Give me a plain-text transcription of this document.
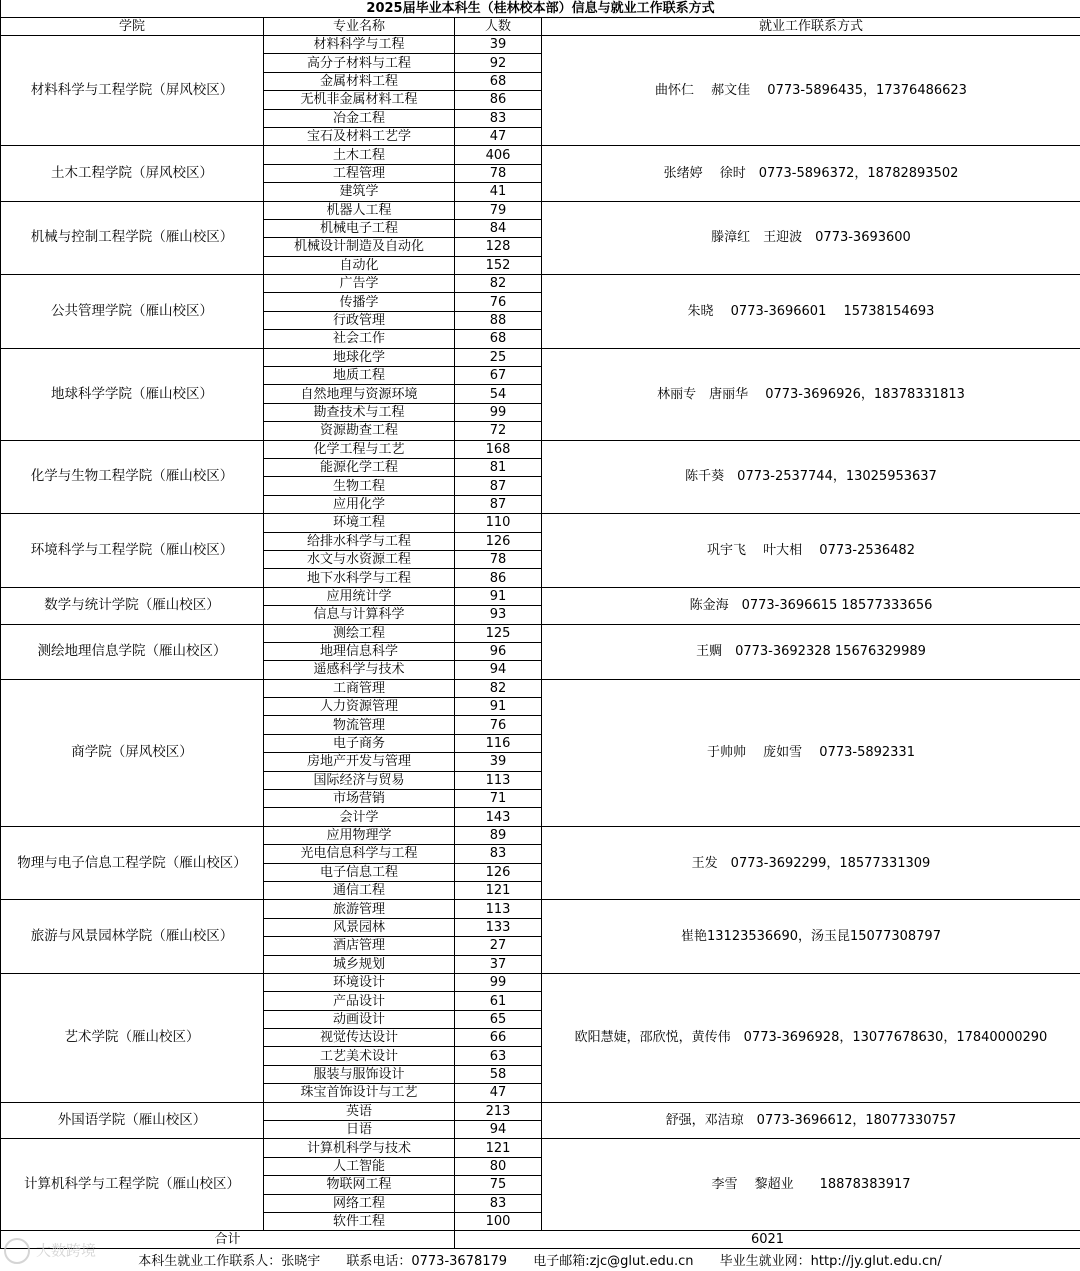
2025届毕业本科生（桂林校本部）信息与就业工作联系方式			
学院	专业名称	人数	就业工作联系方式
材料科学与工程学院（屏风校区）	材料科学与工程	39	曲怀仁　 郝文佳　 0773-5896435，17376486623
	高分子材料与工程	92	
	金属材料工程	68	
	无机非金属材料工程	86	
	冶金工程	83	
	宝石及材料工艺学	47	
土木工程学院（屏风校区）	土木工程	406	张绪婷　 徐时　0773-5896372，18782893502
	工程管理	78	
	建筑学	41	
机械与控制工程学院（雁山校区）	机器人工程	79	滕漳红　王迎波　0773-3693600
	机械电子工程	84	
	机械设计制造及自动化	128	
	自动化	152	
公共管理学院（雁山校区）	广告学	82	朱晓　 0773-3696601　 15738154693
	传播学	76	
	行政管理	88	
	社会工作	68	
地球科学学院（雁山校区）	地球化学	25	林丽专　唐丽华　 0773-3696926，18378331813
	地质工程	67	
	自然地理与资源环境	54	
	勘查技术与工程	99	
	资源勘查工程	72	
化学与生物工程学院（雁山校区）	化学工程与工艺	168	陈千葵　0773-2537744，13025953637
	能源化学工程	81	
	生物工程	87	
	应用化学	87	
环境科学与工程学院（雁山校区）	环境工程	110	巩宇飞　 叶大相　 0773-2536482
	给排水科学与工程	126	
	水文与水资源工程	78	
	地下水科学与工程	86	
数学与统计学院（雁山校区）	应用统计学	91	陈金海　0773-3696615 18577333656
	信息与计算科学	93	
测绘地理信息学院（雁山校区）	测绘工程	125	王赒　0773-3692328 15676329989
	地理信息科学	96	
	遥感科学与技术	94	
商学院（屏风校区）	工商管理	82	于帅帅　 庞如雪　 0773-5892331
	人力资源管理	91	
	物流管理	76	
	电子商务	116	
	房地产开发与管理	39	
	国际经济与贸易	113	
	市场营销	71	
	会计学	143	
物理与电子信息工程学院（雁山校区）	应用物理学	89	王发　0773-3692299，18577331309
	光电信息科学与工程	83	
	电子信息工程	126	
	通信工程	121	
旅游与风景园林学院（雁山校区）	旅游管理	113	崔艳13123536690，汤玉昆15077308797
	风景园林	133	
	酒店管理	27	
	城乡规划	37	
艺术学院（雁山校区）	环境设计	99	欧阳慧婕，邵欣悦，黄传伟　0773-3696928，13077678630，17840000290
	产品设计	61	
	动画设计	65	
	视觉传达设计	66	
	工艺美术设计	63	
	服装与服饰设计	58	
	珠宝首饰设计与工艺	47	
外国语学院（雁山校区）	英语	213	舒强，邓洁琼　0773-3696612，18077330757
	日语	94	
计算机科学与工程学院（雁山校区）	计算机科学与技术	121	李雪　 黎超业　　18878383917
	人工智能	80	
	物联网工程	75	
	网络工程	83	
	软件工程	100	
合计	6021
大数跨境
本科生就业工作联系人：张晓宇 联系电话：0773-3678179 电子邮箱:zjc@glut.edu.cn 毕业生就业网：http://jy.glut.edu.cn/
